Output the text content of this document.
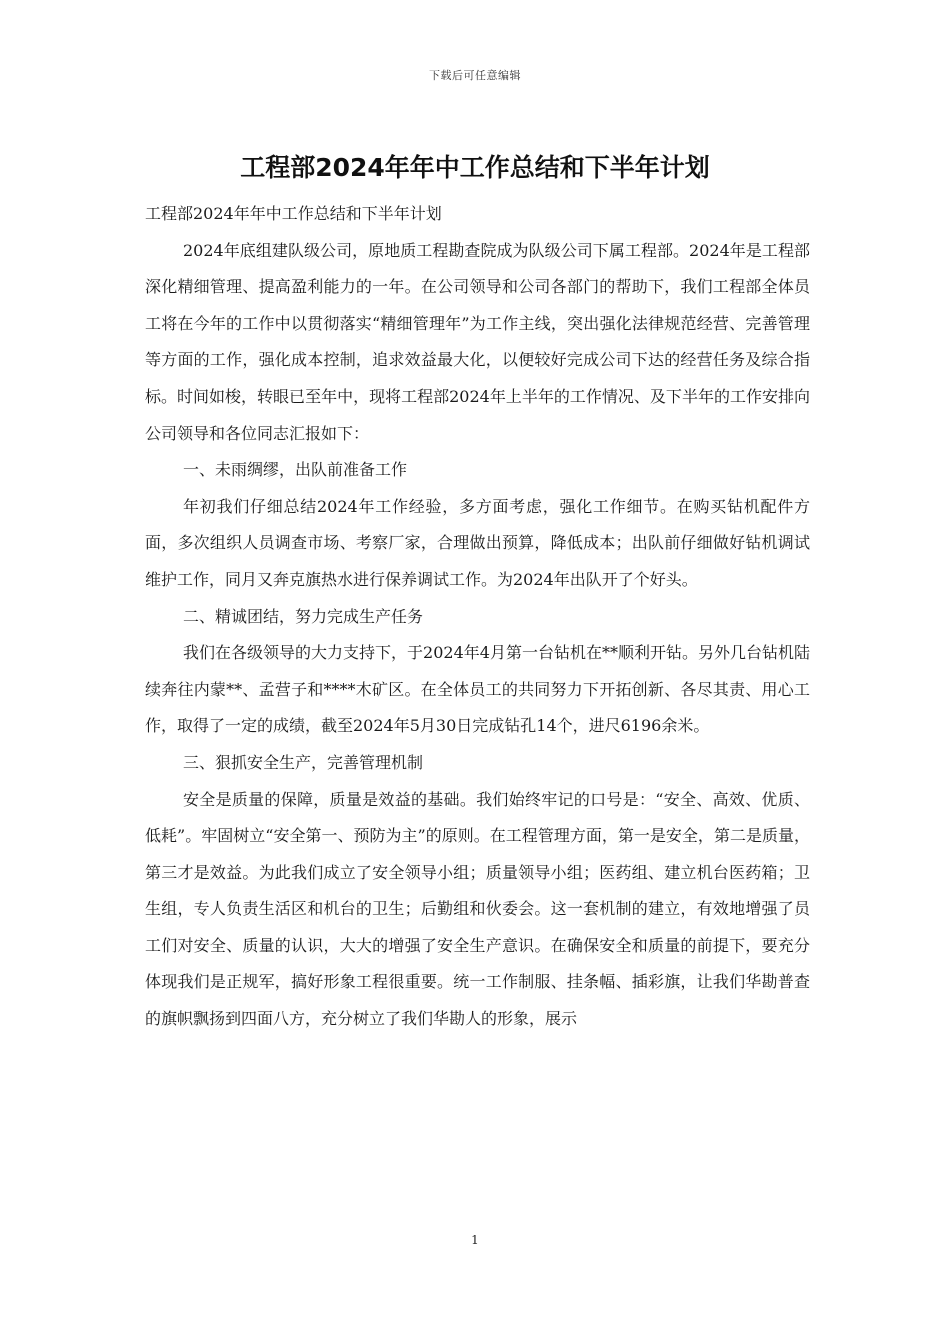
下载后可任意编辑
工程部2024年年中工作总结和下半年计划

工程部2024年年中工作总结和下半年计划

2024年底组建队级公司，原地质工程勘查院成为队级公司下属工程部。2024年是工程部深化精细管理、提高盈利能力的一年。在公司领导和公司各部门的帮助下，我们工程部全体员工将在今年的工作中以贯彻落实“精细管理年”为工作主线，突出强化法律规范经营、完善管理等方面的工作，强化成本控制，追求效益最大化，以便较好完成公司下达的经营任务及综合指标。时间如梭，转眼已至年中，现将工程部2024年上半年的工作情况、及下半年的工作安排向公司领导和各位同志汇报如下：

一、未雨绸缪，出队前准备工作

年初我们仔细总结2024年工作经验，多方面考虑，强化工作细节。在购买钻机配件方面，多次组织人员调查市场、考察厂家，合理做出预算，降低成本；出队前仔细做好钻机调试维护工作，同月又奔克旗热水进行保养调试工作。为2024年出队开了个好头。

二、精诚团结，努力完成生产任务

我们在各级领导的大力支持下，于2024年4月第一台钻机在**顺利开钻。另外几台钻机陆续奔往内蒙**、孟营子和****木矿区。在全体员工的共同努力下开拓创新、各尽其责、用心工作，取得了一定的成绩，截至2024年5月30日完成钻孔14个，进尺6196余米。

三、狠抓安全生产，完善管理机制

安全是质量的保障，质量是效益的基础。我们始终牢记的口号是：“安全、高效、优质、低耗”。牢固树立“安全第一、预防为主”的原则。在工程管理方面，第一是安全，第二是质量，第三才是效益。为此我们成立了安全领导小组；质量领导小组；医药组、建立机台医药箱；卫生组，专人负责生活区和机台的卫生；后勤组和伙委会。这一套机制的建立，有效地增强了员工们对安全、质量的认识，大大的增强了安全生产意识。在确保安全和质量的前提下，要充分体现我们是正规军，搞好形象工程很重要。统一工作制服、挂条幅、插彩旗，让我们华勘普查的旗帜飘扬到四面八方，充分树立了我们华勘人的形象，展示

1
